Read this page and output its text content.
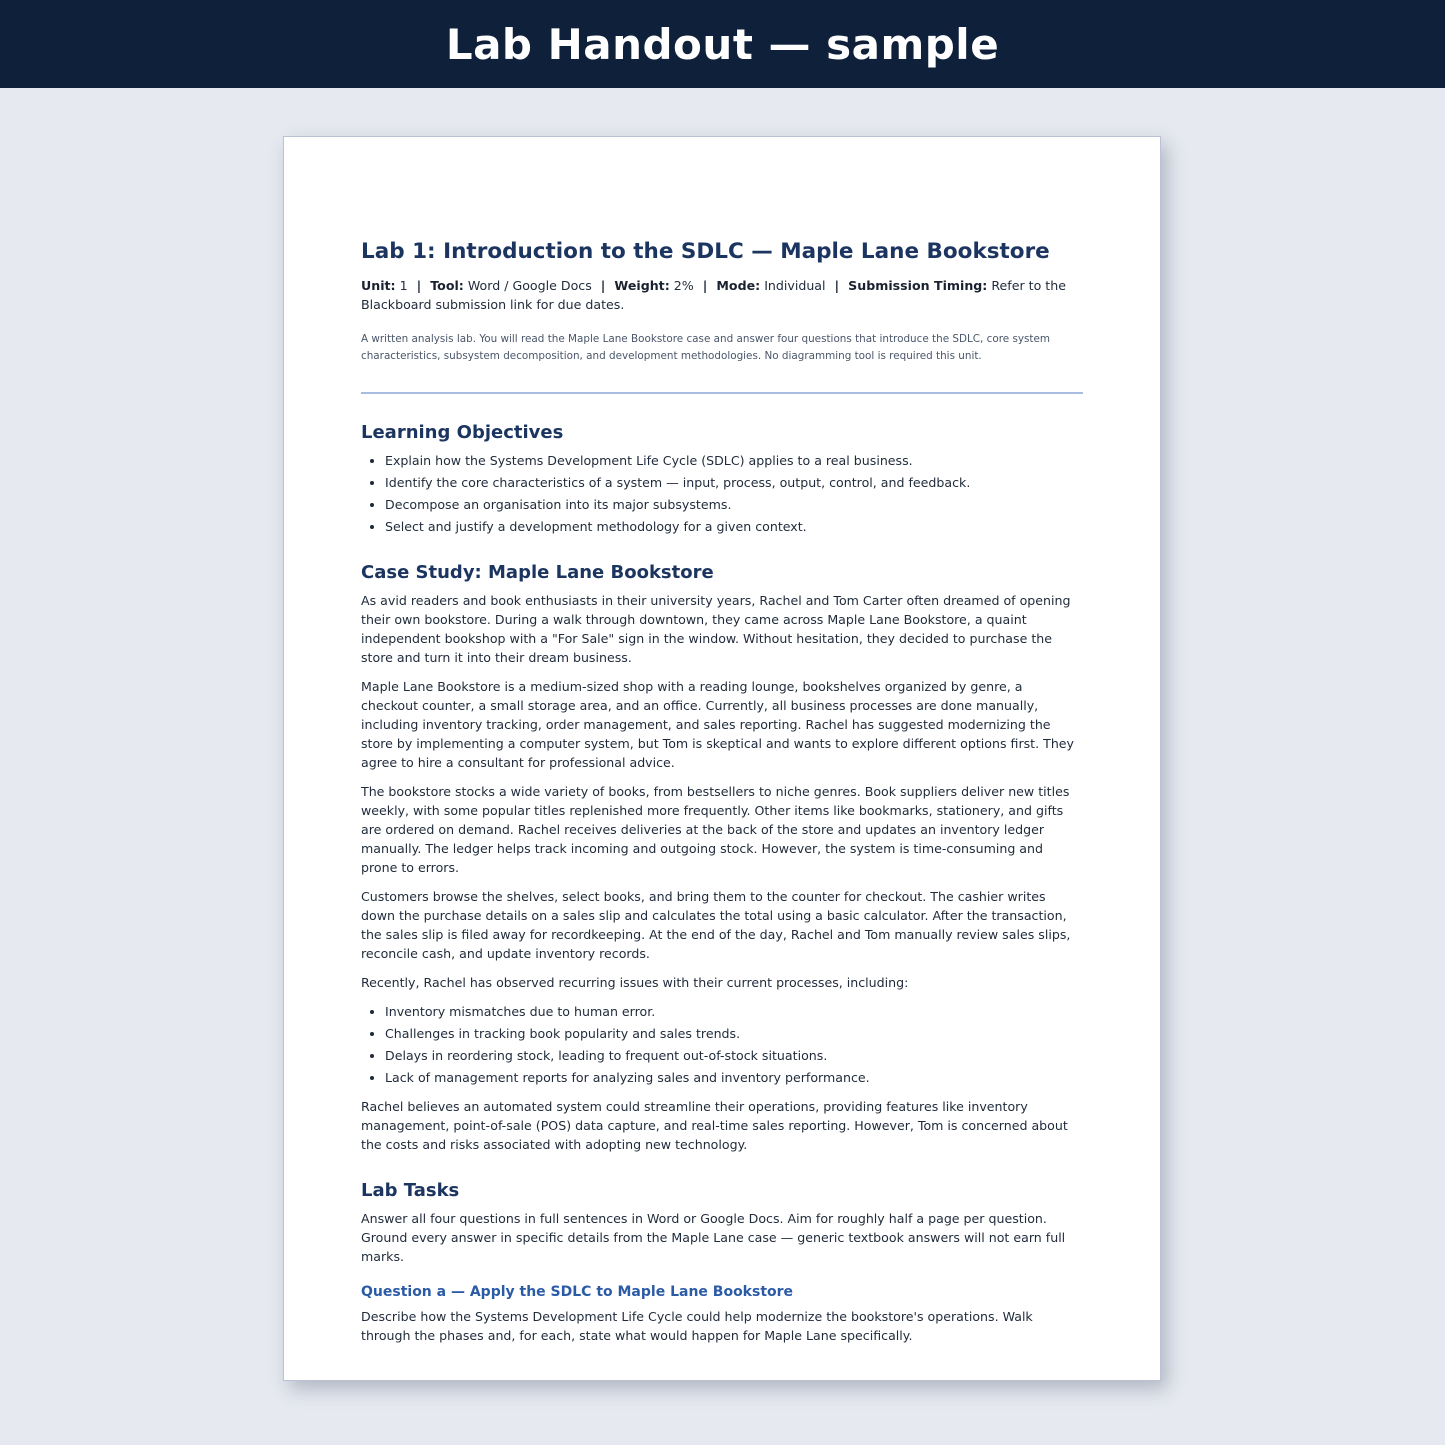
Lab Handout — sample
Lab 1: Introduction to the SDLC — Maple Lane Bookstore
Unit: 1 | Tool: Word / Google Docs | Weight: 2% | Mode: Individual | Submission Timing: Refer to the Blackboard submission link for due dates.
A written analysis lab. You will read the Maple Lane Bookstore case and answer four questions that introduce the SDLC, core system characteristics, subsystem decomposition, and development methodologies. No diagramming tool is required this unit.
Learning Objectives
• Explain how the Systems Development Life Cycle (SDLC) applies to a real business.
• Identify the core characteristics of a system — input, process, output, control, and feedback.
• Decompose an organisation into its major subsystems.
• Select and justify a development methodology for a given context.
Case Study: Maple Lane Bookstore

As avid readers and book enthusiasts in their university years, Rachel and Tom Carter often dreamed of opening their own bookstore. During a walk through downtown, they came across Maple Lane Bookstore, a quaint independent bookshop with a "For Sale" sign in the window. Without hesitation, they decided to purchase the store and turn it into their dream business.

Maple Lane Bookstore is a medium-sized shop with a reading lounge, bookshelves organized by genre, a checkout counter, a small storage area, and an office. Currently, all business processes are done manually, including inventory tracking, order management, and sales reporting. Rachel has suggested modernizing the store by implementing a computer system, but Tom is skeptical and wants to explore different options first. They agree to hire a consultant for professional advice.

The bookstore stocks a wide variety of books, from bestsellers to niche genres. Book suppliers deliver new titles weekly, with some popular titles replenished more frequently. Other items like bookmarks, stationery, and gifts are ordered on demand. Rachel receives deliveries at the back of the store and updates an inventory ledger manually. The ledger helps track incoming and outgoing stock. However, the system is time-consuming and prone to errors.

Customers browse the shelves, select books, and bring them to the counter for checkout. The cashier writes down the purchase details on a sales slip and calculates the total using a basic calculator. After the transaction, the sales slip is filed away for recordkeeping. At the end of the day, Rachel and Tom manually review sales slips, reconcile cash, and update inventory records.

Recently, Rachel has observed recurring issues with their current processes, including:

• Inventory mismatches due to human error.
• Challenges in tracking book popularity and sales trends.
• Delays in reordering stock, leading to frequent out-of-stock situations.
• Lack of management reports for analyzing sales and inventory performance.

Rachel believes an automated system could streamline their operations, providing features like inventory management, point-of-sale (POS) data capture, and real-time sales reporting. However, Tom is concerned about the costs and risks associated with adopting new technology.

Lab Tasks

Answer all four questions in full sentences in Word or Google Docs. Aim for roughly half a page per question. Ground every answer in specific details from the Maple Lane case — generic textbook answers will not earn full marks.

Question a — Apply the SDLC to Maple Lane Bookstore

Describe how the Systems Development Life Cycle could help modernize the bookstore's operations. Walk through the phases and, for each, state what would happen for Maple Lane specifically.
